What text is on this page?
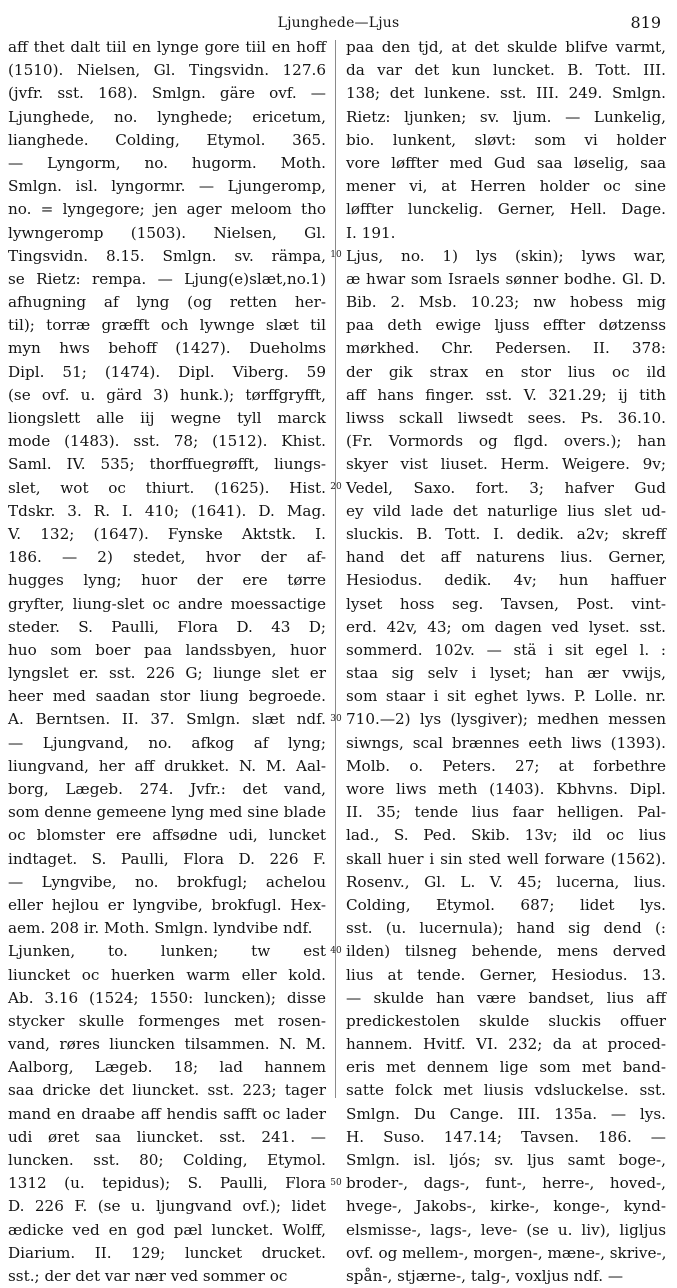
Ljunghede—Ljus	819
10
20
30
40
50
aff thet dalt tiil en lynge gore tiil en hoff
(1510). Nielsen, Gl. Tingsvidn. 127.6
(jvfr. sst. 168). Smlgn. gäre ovf. —
Ljunghede, no. lynghede; ericetum,
lianghede. Colding, Etymol. 365.
— Lyngorm, no. hugorm. Moth.
Smlgn. isl. lyngormr. — Ljungeromp,
no. = lyngegore; jen ager meloom tho
lywngeromp (1503). Nielsen, Gl.
Tingsvidn. 8.15. Smlgn. sv. rämpa,
se Rietz: rempa. — Ljung(e)slæt,no.1)
afhugning af lyng (og retten her-
til); torræ græfft och lywnge slæt til
myn hws behoff (1427). Dueholms
Dipl. 51; (1474). Dipl. Viberg. 59
(se ovf. u. gärd 3) hunk.); tørffgryfft,
liongslett alle iij wegne tyll marck
mode (1483). sst. 78; (1512). Khist.
Saml. IV. 535; thorffuegrøfft, liungs-
slet, wot oc thiurt. (1625). Hist.
Tdskr. 3. R. I. 410; (1641). D. Mag.
V. 132; (1647). Fynske Aktstk. I.
186. — 2) stedet, hvor der af-
hugges lyng; huor der ere tørre
gryfter, liung-slet oc andre moessactige
steder. S. Paulli, Flora D. 43 D;
huo som boer paa landssbyen, huor
lyngslet er. sst. 226 G; liunge slet er
heer med saadan stor liung begroede.
A. Berntsen. II. 37. Smlgn. slæt ndf.
— Ljungvand, no. afkog af lyng;
liungvand, her aff drukket. N. M. Aal-
borg, Lægeb. 274. Jvfr.: det vand,
som denne gemeene lyng med sine blade
oc blomster ere affsødne udi, luncket
indtaget. S. Paulli, Flora D. 226 F.
— Lyngvibe, no. brokfugl; achelou
eller hejlou er lyngvibe, brokfugl. Hex-
aem. 208 ir. Moth. Smlgn. lyndvibe ndf.
Ljunken, to. lunken; tw est
liuncket oc huerken warm eller kold.
Ab. 3.16 (1524; 1550: luncken); disse
stycker skulle formenges met rosen-
vand, røres liuncken tilsammen. N. M.
Aalborg, Lægeb. 18; lad hannem
saa dricke det liuncket. sst. 223; tager
mand en draabe aff hendis safft oc lader
udi øret saa liuncket. sst. 241. —
luncken. sst. 80; Colding, Etymol.
1312 (u. tepidus); S. Paulli, Flora
D. 226 F. (se u. ljungvand ovf.); lidet
ædicke ved en god pæl luncket. Wolff,
Diarium. II. 129; luncket drucket.
sst.; der det var nær ved sommer oc
paa den tjd, at det skulde blifve varmt,
da var det kun luncket. B. Tott. III.
138; det lunkene. sst. III. 249. Smlgn.
Rietz: ljunken; sv. ljum. — Lunkelig,
bio. lunkent, sløvt: som vi holder
vore løffter med Gud saa løselig, saa
mener vi, at Herren holder oc sine
løffter lunckelig. Gerner, Hell. Dage.
I. 191.
Ljus, no. 1) lys (skin); lyws war,
æ hwar som Israels sønner bodhe. Gl. D.
Bib. 2. Msb. 10.23; nw hobess mig
paa deth ewige ljuss effter døtzenss
mørkhed. Chr. Pedersen. II. 378:
der gik strax en stor lius oc ild
aff hans finger. sst. V. 321.29; ij tith
liwss sckall liwsedt sees. Ps. 36.10.
(Fr. Vormords og flgd. overs.); han
skyer vist liuset. Herm. Weigere. 9v;
Vedel, Saxo. fort. 3; hafver Gud
ey vild lade det naturlige lius slet ud-
sluckis. B. Tott. I. dedik. a2v; skreff
hand det aff naturens lius. Gerner,
Hesiodus. dedik. 4v; hun haffuer
lyset hoss seg. Tavsen, Post. vint-
erd. 42v, 43; om dagen ved lyset. sst.
sommerd. 102v. — stä i sit egel l. :
staa sig selv i lyset; han ær vwijs,
som staar i sit eghet lyws. P. Lolle. nr.
710.—2) lys (lysgiver); medhen messen
siwngs, scal brænnes eeth liws (1393).
Molb. o. Peters. 27; at forbethre
wore liws meth (1403). Kbhvns. Dipl.
II. 35; tende lius faar helligen. Pal-
lad., S. Ped. Skib. 13v; ild oc lius
skall huer i sin sted well forware (1562).
Rosenv., Gl. L. V. 45; lucerna, lius.
Colding, Etymol. 687; lidet lys.
sst. (u. lucernula); hand sig dend (:
ilden) tilsneg behende, mens derved
lius at tende. Gerner, Hesiodus. 13.
— skulde han være bandset, lius aff
predickestolen skulde sluckis offuer
hannem. Hvitf. VI. 232; da at proced-
eris met dennem lige som met band-
satte folck met liusis vdsluckelse. sst.
Smlgn. Du Cange. III. 135a. — lys.
H. Suso. 147.14; Tavsen. 186. —
Smlgn. isl. ljós; sv. ljus samt boge-,
broder-, dags-, funt-, herre-, hoved-,
hvege-, Jakobs-, kirke-, konge-, kynd-
elsmisse-, lags-, leve- (se u. liv), ligljus
ovf. og mellem-, morgen-, mæne-, skrive-,
spån-, stjærne-, talg-, voxljus ndf. —
